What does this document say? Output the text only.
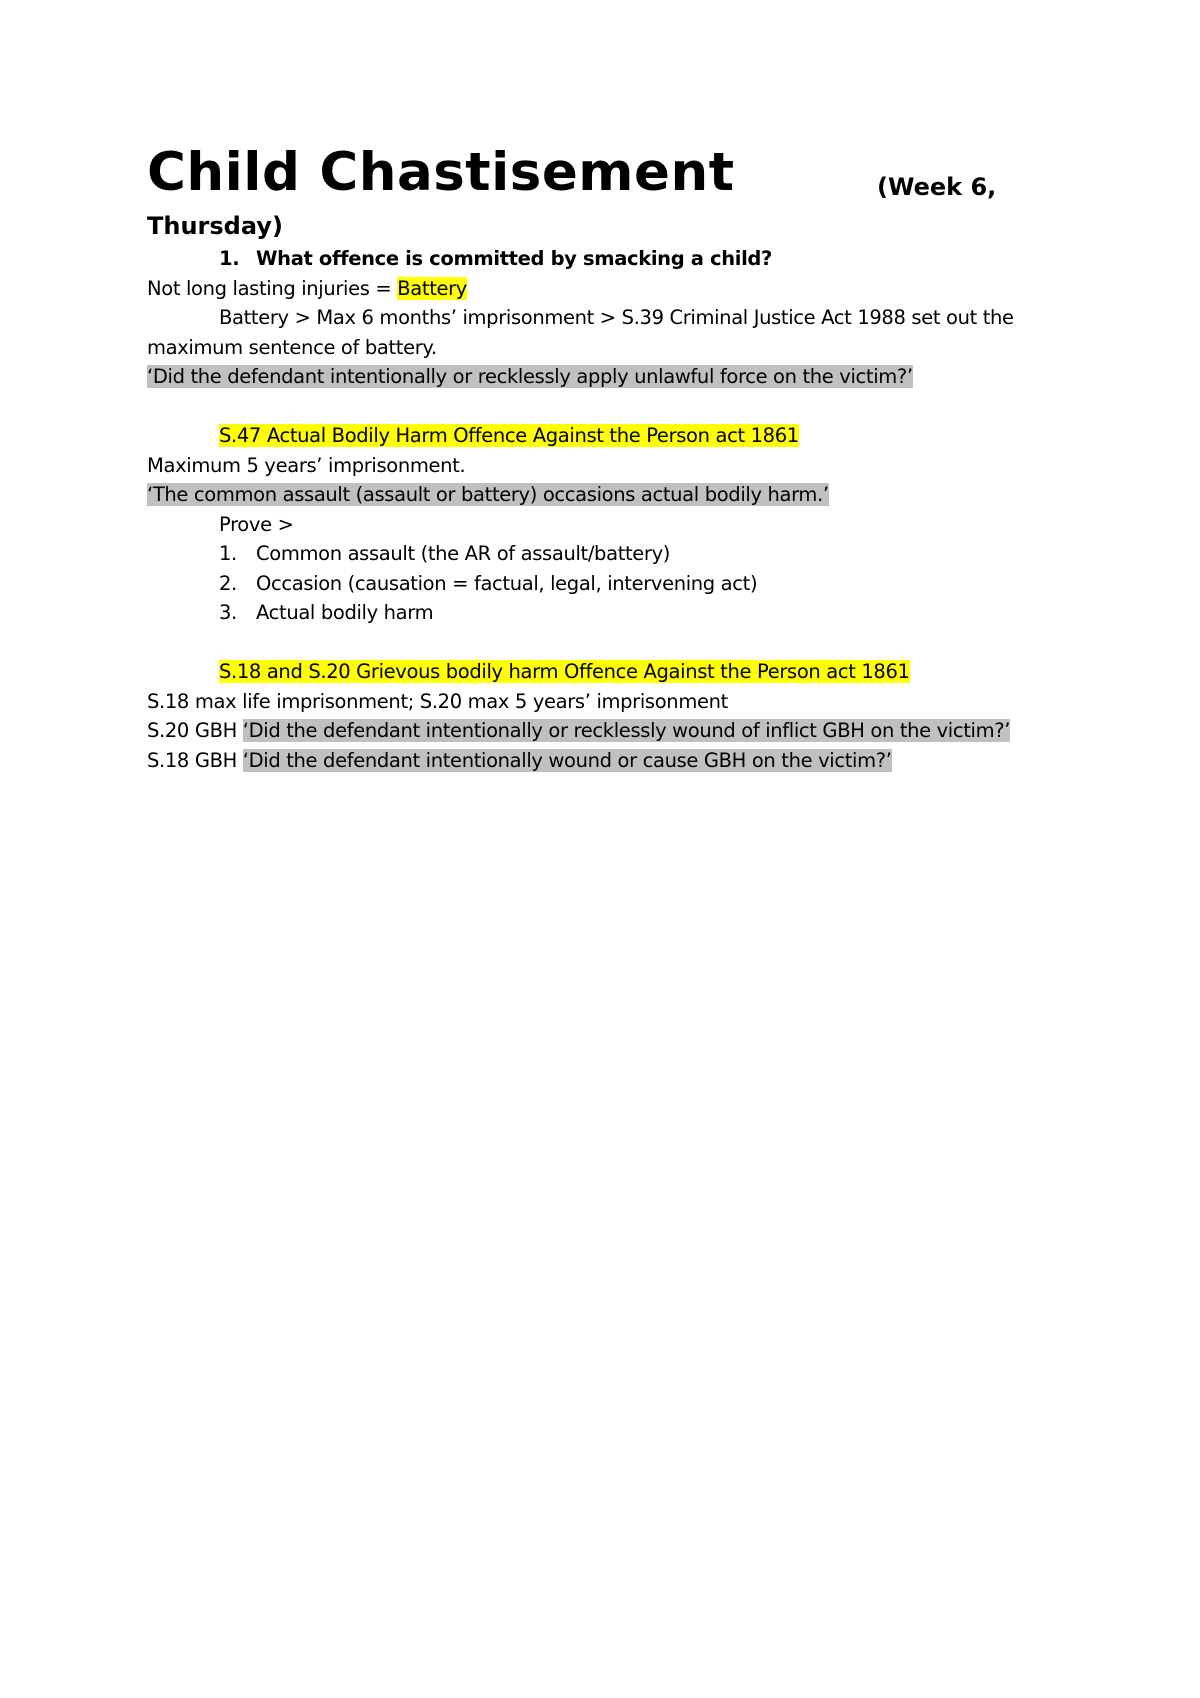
Child Chastisement	(Week 6,
Thursday)
1. What offence is committed by smacking a child?
Not long lasting injuries = Battery
Battery > Max 6 months’ imprisonment > S.39 Criminal Justice Act 1988 set out the
maximum sentence of battery.
‘Did the defendant intentionally or recklessly apply unlawful force on the victim?’
S.47 Actual Bodily Harm Offence Against the Person act 1861
Maximum 5 years’ imprisonment.
‘The common assault (assault or battery) occasions actual bodily harm.’
Prove >
1. Common assault (the AR of assault/battery)
2. Occasion (causation = factual, legal, intervening act)
3. Actual bodily harm
S.18 and S.20 Grievous bodily harm Offence Against the Person act 1861
S.18 max life imprisonment; S.20 max 5 years’ imprisonment
S.20 GBH ‘Did the defendant intentionally or recklessly wound of inflict GBH on the victim?’
S.18 GBH ‘Did the defendant intentionally wound or cause GBH on the victim?’
